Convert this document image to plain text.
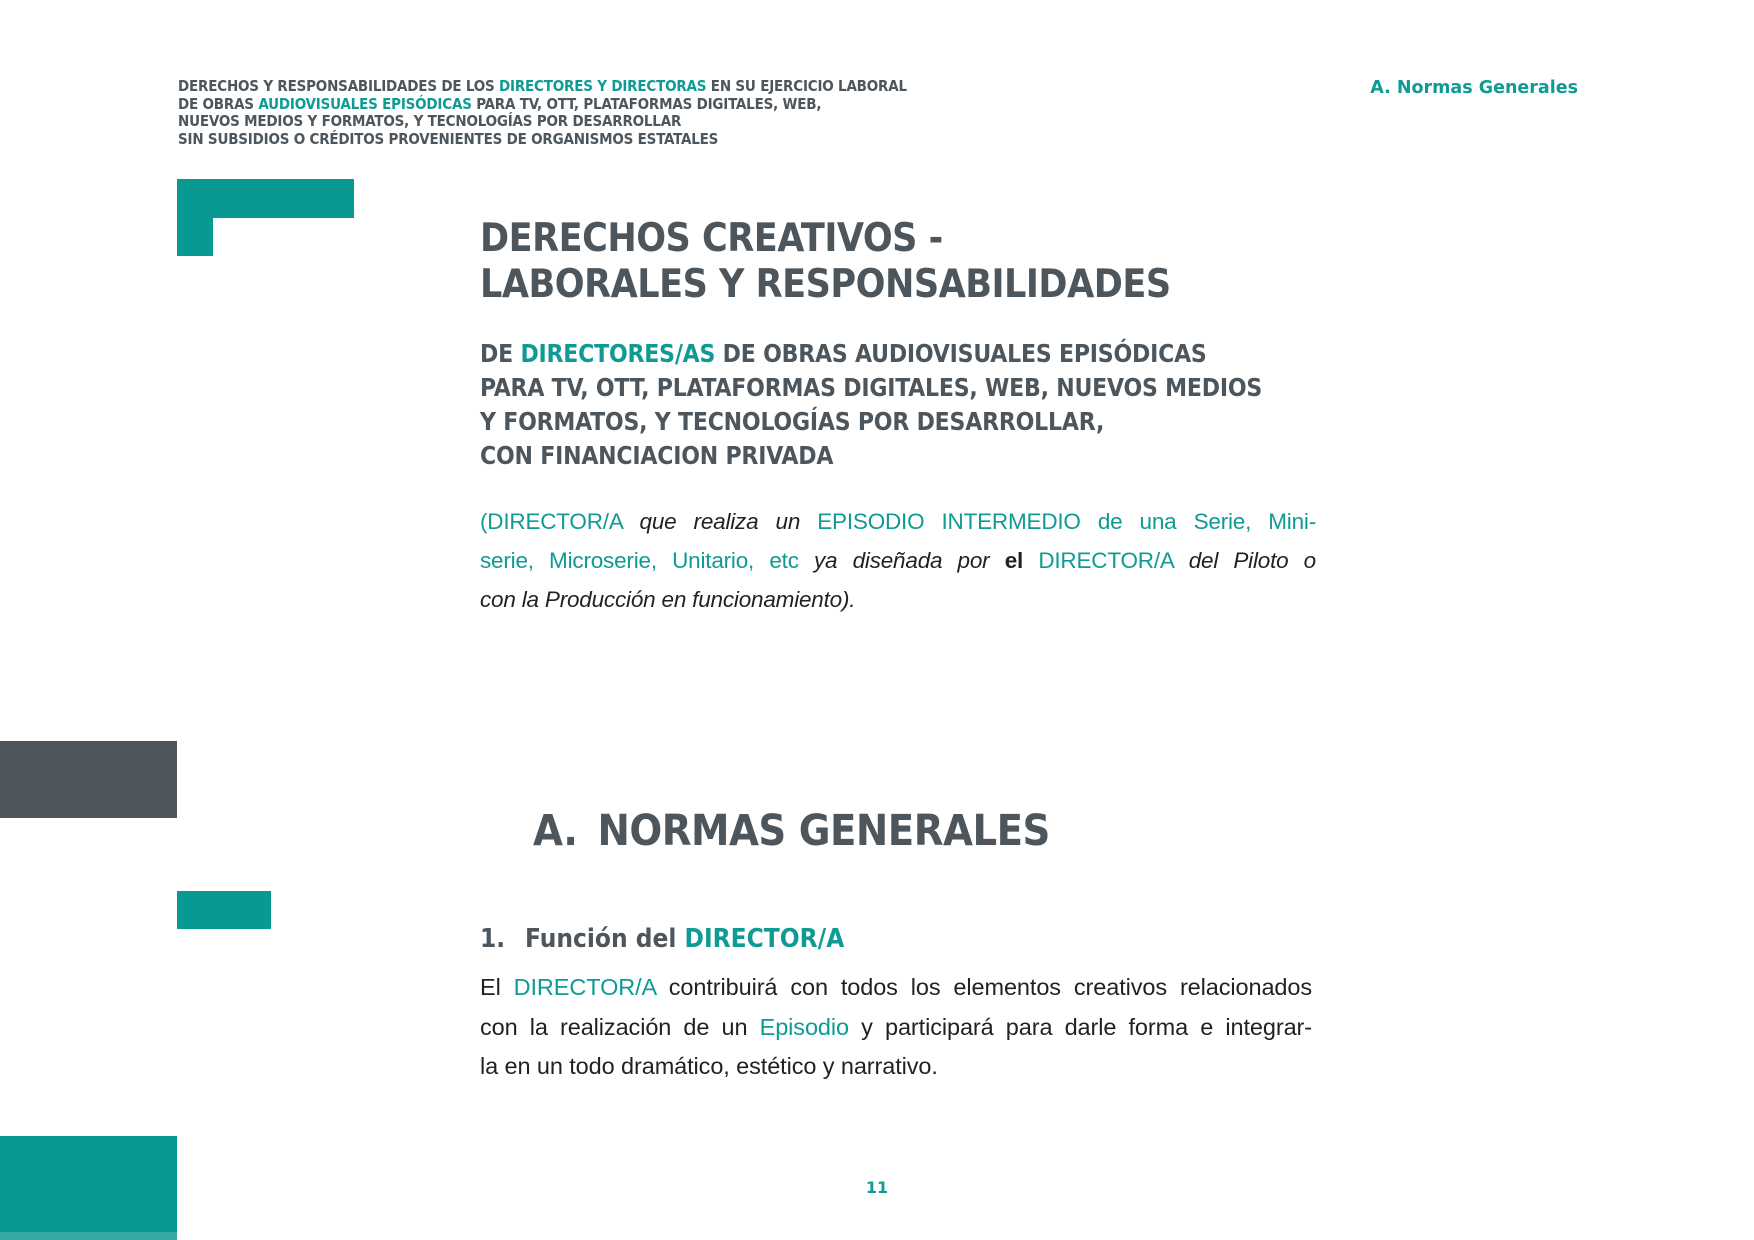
DERECHOS Y RESPONSABILIDADES DE LOS DIRECTORES Y DIRECTORAS EN SU EJERCICIO LABORAL
DE OBRAS AUDIOVISUALES EPISÓDICAS PARA TV, OTT, PLATAFORMAS DIGITALES, WEB,
NUEVOS MEDIOS Y FORMATOS, Y TECNOLOGÍAS POR DESARROLLAR
SIN SUBSIDIOS O CRÉDITOS PROVENIENTES DE ORGANISMOS ESTATALES
A. Normas Generales
DERECHOS CREATIVOS -
LABORALES Y RESPONSABILIDADES
DE DIRECTORES/AS DE OBRAS AUDIOVISUALES EPISÓDICAS
PARA TV, OTT, PLATAFORMAS DIGITALES, WEB, NUEVOS MEDIOS
Y FORMATOS, Y TECNOLOGÍAS POR DESARROLLAR,
CON FINANCIACION PRIVADA
(DIRECTOR/A que realiza un EPISODIO INTERMEDIO de una Serie, Mini-
serie, Microserie, Unitario, etc ya diseñada por el DIRECTOR/A del Piloto o
con la Producción en funcionamiento).
A. NORMAS GENERALES
1. Función del DIRECTOR/A
El DIRECTOR/A contribuirá con todos los elementos creativos relacionados
con la realización de un Episodio y participará para darle forma e integrar-
la en un todo dramático, estético y narrativo.
11
